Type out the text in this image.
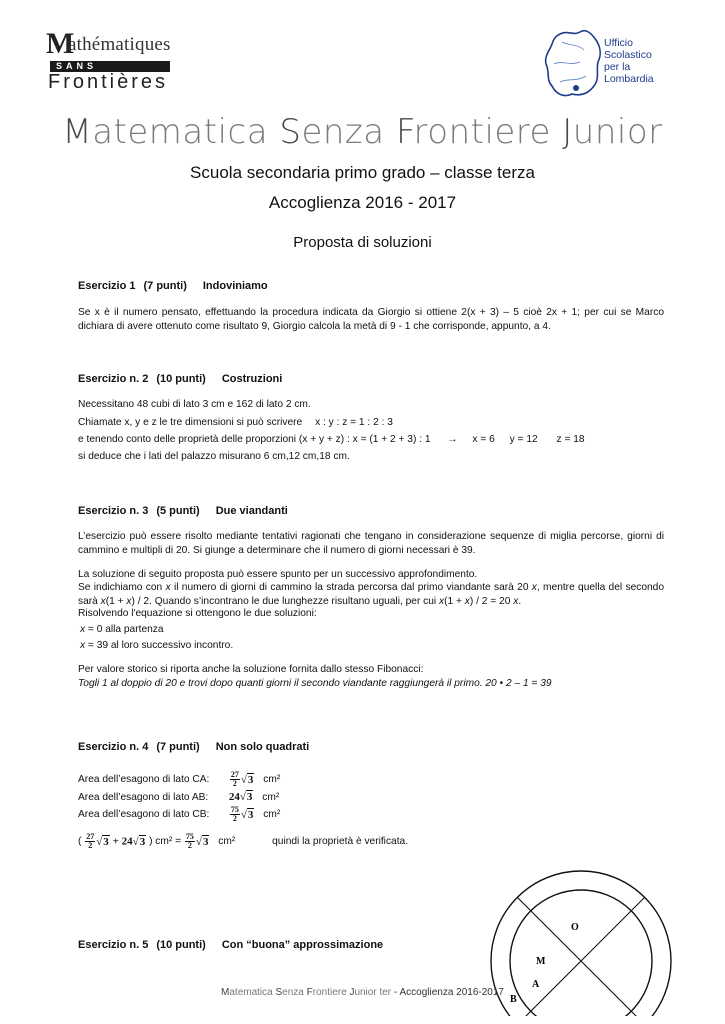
M
athématiques
SANS
Frontières
Ufficio
Scolastico
per la
Lombardia
Matematica Senza Frontiere Junior
Scuola secondaria primo grado – classe terza
Accoglienza 2016 - 2017
Proposta di soluzioni
Esercizio 1 (7 punti) Indoviniamo
Se x è il numero pensato, effettuando la procedura indicata da Giorgio si ottiene 2(x + 3) – 5 cioè 2x + 1; per cui se Marco dichiara di avere ottenuto come risultato 9, Giorgio calcola la metà di 9 - 1 che corrisponde, appunto, a 4.
Esercizio n. 2 (10 punti) Costruzioni
Necessitano 48 cubi di lato 3 cm e 162 di lato 2 cm.
Chiamate x, y e z le tre dimensioni si può scrivere x : y : z = 1 : 2 : 3
e tenendo conto delle proprietà delle proporzioni (x + y + z) : x = (1 + 2 + 3) : 1 → x = 6 y = 12 z = 18
si deduce che i lati del palazzo misurano 6 cm,12 cm,18 cm.
Esercizio n. 3 (5 punti) Due viandanti
L’esercizio può essere risolto mediante tentativi ragionati che tengano in considerazione sequenze di miglia percorse, giorni di cammino e multipli di 20. Si giunge a determinare che il numero di giorni necessari è 39.
La soluzione di seguito proposta può essere spunto per un successivo approfondimento.
Se indichiamo con x il numero di giorni di cammino la strada percorsa dal primo viandante sarà 20 x, mentre quella del secondo sarà x(1 + x) / 2. Quando s’incontrano le due lunghezze risultano uguali, per cui x(1 + x) / 2 = 20 x.
Risolvendo l'equazione si ottengono le due soluzioni:
x = 0 alla partenza
x = 39 al loro successivo incontro.
Per valore storico si riporta anche la soluzione fornita dallo stesso Fibonacci:
Togli 1 al doppio di 20 e trovi dopo quanti giorni il secondo viandante raggiungerà il primo. 20 • 2 – 1 = 39
Esercizio n. 4 (7 punti) Non solo quadrati
Area dell’esagono di lato CA:	$\frac{27}{2} √3$ cm²
Area dell’esagono di lato AB: 24√3 cm²
Area dell’esagono di lato CB:	$\frac{75}{2} √3$ cm²
( $\frac{27}{2} √3 + 24√3$ ) $cm^2 = \frac{75}{2} √3$ cm²	quindi la proprietà è verificata.
Esercizio n. 5 (10 punti) Con “buona” approssimazione
O
M
A
B
Matematica Senza Frontiere Junior ter - Accoglienza 2016-2017
